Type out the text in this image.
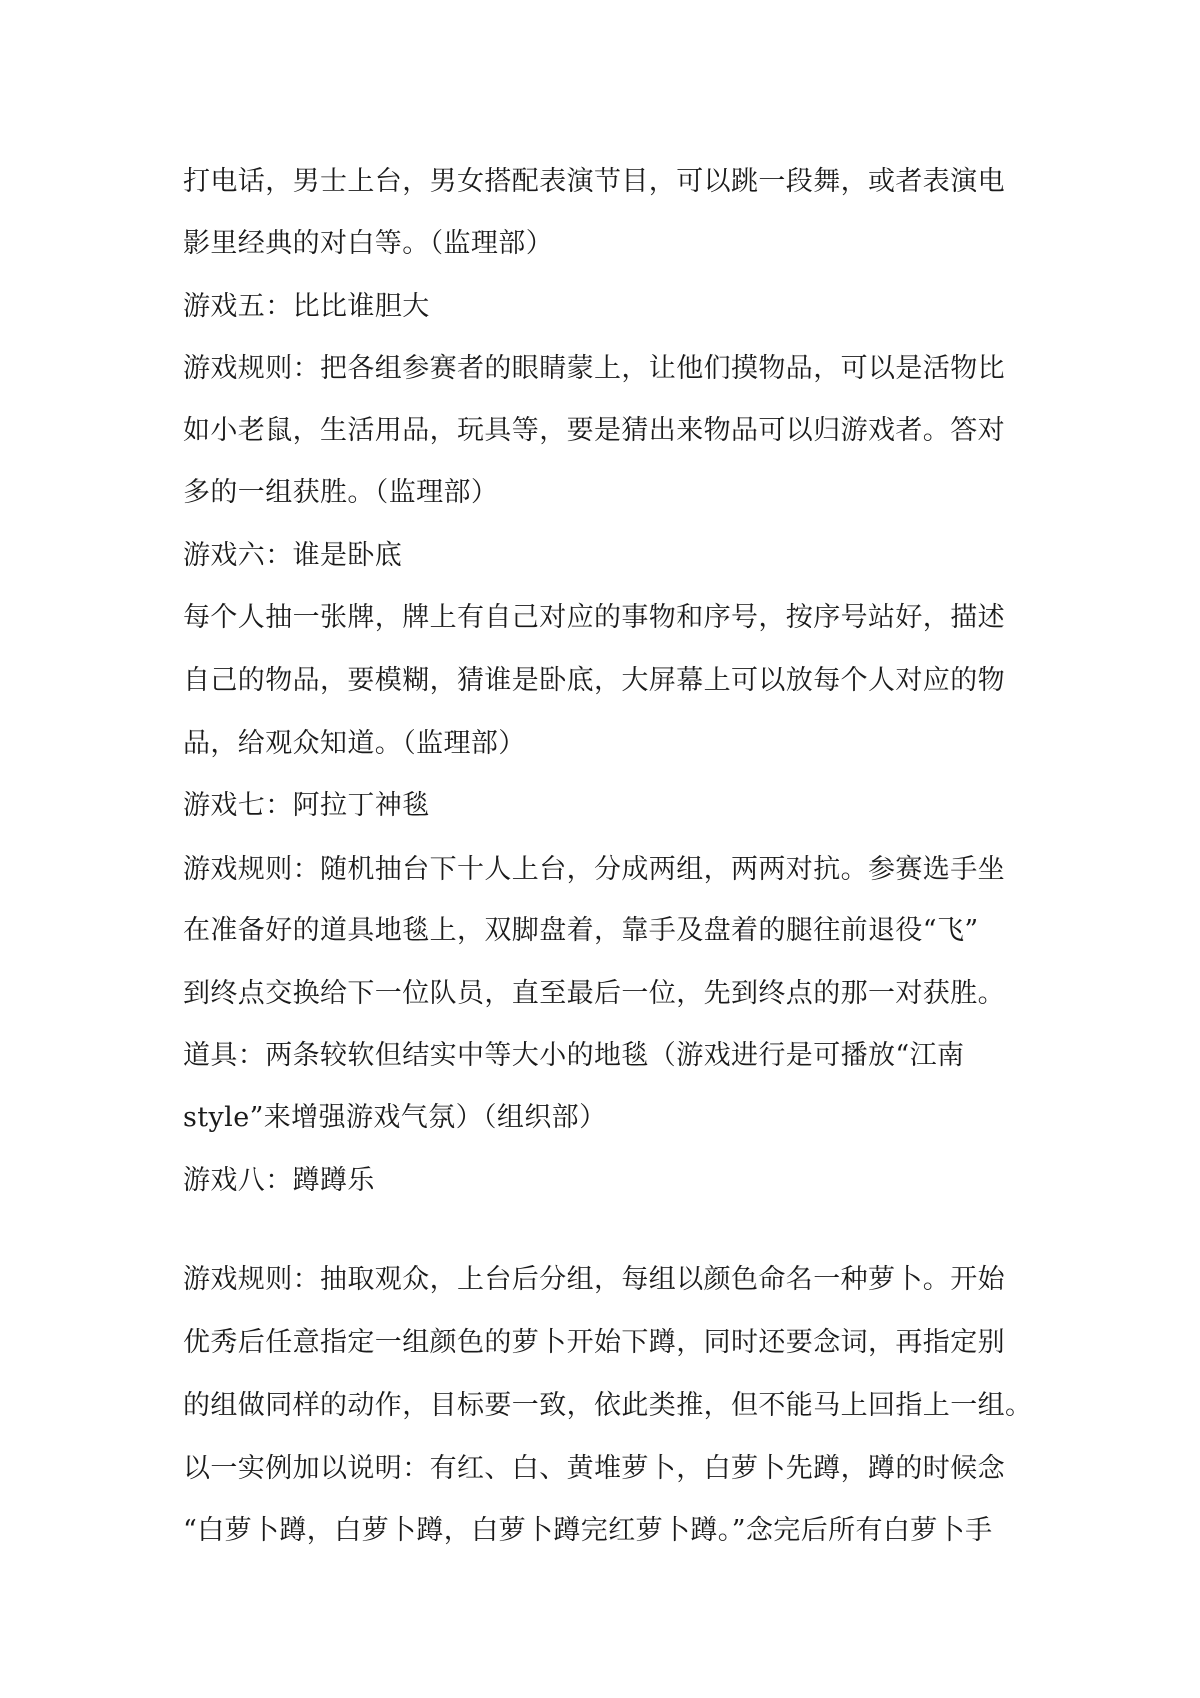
打电话，男士上台，男女搭配表演节目，可以跳一段舞，或者表演电
影里经典的对白等。（监理部）
游戏五：比比谁胆大
游戏规则：把各组参赛者的眼睛蒙上，让他们摸物品，可以是活物比
如小老鼠，生活用品，玩具等，要是猜出来物品可以归游戏者。答对
多的一组获胜。（监理部）
游戏六：谁是卧底
每个人抽一张牌，牌上有自己对应的事物和序号，按序号站好，描述
自己的物品，要模糊，猜谁是卧底，大屏幕上可以放每个人对应的物
品，给观众知道。（监理部）
游戏七：阿拉丁神毯
游戏规则：随机抽台下十人上台，分成两组，两两对抗。参赛选手坐
在准备好的道具地毯上，双脚盘着，靠手及盘着的腿往前退役“飞”
到终点交换给下一位队员，直至最后一位，先到终点的那一对获胜。
道具：两条较软但结实中等大小的地毯（游戏进行是可播放“江南
style”来增强游戏气氛）（组织部）
游戏八：蹲蹲乐
游戏规则：抽取观众，上台后分组，每组以颜色命名一种萝卜。开始
优秀后任意指定一组颜色的萝卜开始下蹲，同时还要念词，再指定别
的组做同样的动作，目标要一致，依此类推，但不能马上回指上一组。
以一实例加以说明：有红、白、黄堆萝卜，白萝卜先蹲，蹲的时候念
“白萝卜蹲，白萝卜蹲，白萝卜蹲完红萝卜蹲。”念完后所有白萝卜手
